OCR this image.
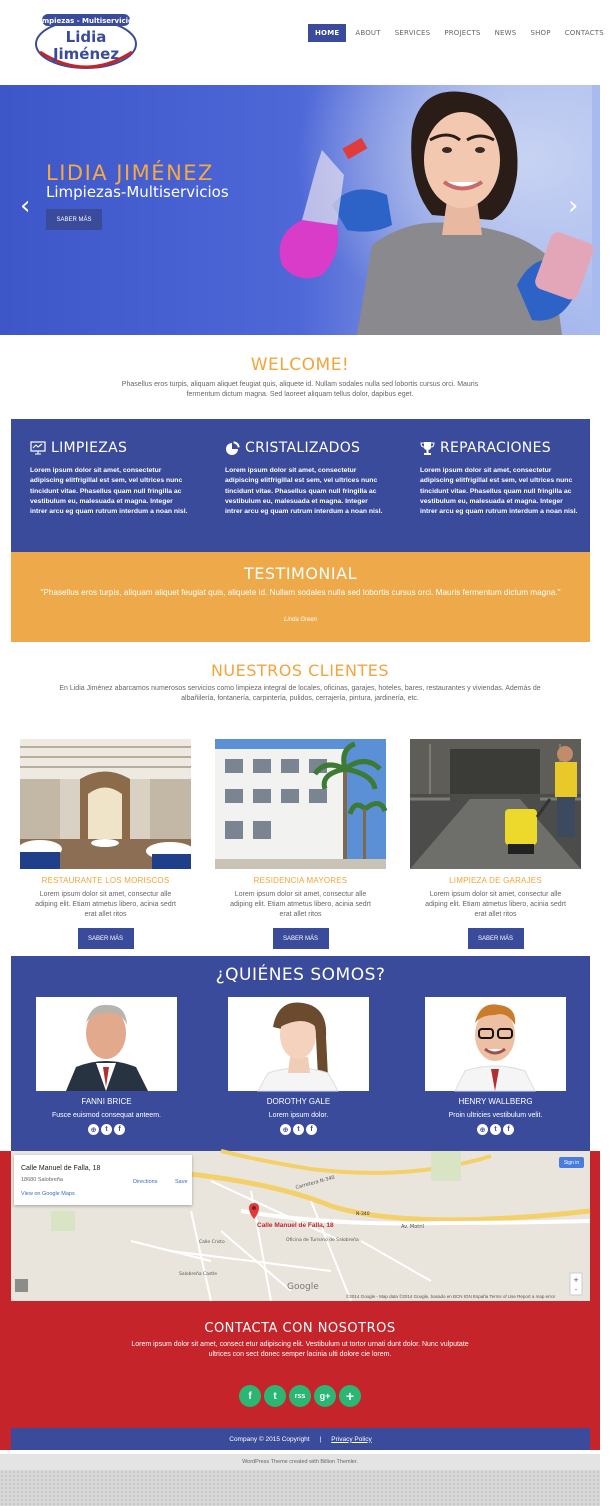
Limpiezas - Multiservicios
Lidia
Jiménez
HOME	ABOUT	SERVICES	PROJECTS	NEWS	SHOP	CONTACTS
LIDIA JIMÉNEZ
Limpiezas-Multiservicios
SABER MÁS
‹	›
WELCOME!
Phasellus eros turpis, aliquam aliquet feugiat quis, aliquete id. Nullam sodales nulla sed lobortis cursus orci. Mauris fermentum dictum magna. Sed laoreet aliquam tellus dolor, dapibus eget.
LIMPIEZAS
Lorem ipsum dolor sit amet, consectetur adipiscing elitfrigillal est sem, vel ultrices nunc tincidunt vitae. Phasellus quam null fringilla ac vestibulum eu, malesuada et magna. Integer intrer arcu eg quam rutrum interdum a noan nisl.
CRISTALIZADOS
Lorem ipsum dolor sit amet, consectetur adipiscing elitfrigillal est sem, vel ultrices nunc tincidunt vitae. Phasellus quam null fringilla ac vestibulum eu, malesuada et magna. Integer intrer arcu eg quam rutrum interdum a noan nisl.
REPARACIONES
Lorem ipsum dolor sit amet, consectetur adipiscing elitfrigillal est sem, vel ultrices nunc tincidunt vitae. Phasellus quam null fringilla ac vestibulum eu, malesuada et magna. Integer intrer arcu eg quam rutrum interdum a noan nisl.
TESTIMONIAL
"Phasellus eros turpis, aliquam aliquet feugiat quis, aliquete id. Nullam sodales nulla sed lobortis cursus orci. Mauris fermentum dictum magna."
Linda Green
NUESTROS CLIENTES
En Lidia Jiménez abarcamos numerosos servicios como limpieza integral de locales, oficinas, garajes, hoteles, bares, restaurantes y viviendas. Además de albañilería, fontanería, carpintería, pulidos, cerrajería, pintura, jardinería, etc.
RESTAURANTE LOS MORISCOS
Lorem ipsum dolor sit amet, consectur alle adiping elit. Etiam atmetus libero, acinia sedrt erat allet ritos
SABER MÁS
RESIDENCIA MAYORES
Lorem ipsum dolor sit amet, consectur alle adiping elit. Etiam atmetus libero, acinia sedrt erat allet ritos
SABER MÁS
LIMPIEZA DE GARAJES
Lorem ipsum dolor sit amet, consectur alle adiping elit. Etiam atmetus libero, acinia sedrt erat allet ritos
SABER MÁS
¿QUIÉNES SOMOS?
FANNI BRICE
Fusce euismod consequat anteem.
⊕	t	f
DOROTHY GALE
Lorem ipsum dolor.
⊕	t	f
HENRY WALLBERG
Proin ultricies vestibulum velit.
⊕	t	f
+
-
Carretera N-340
N-340
Av. Motril
Calle Cristo	Oficina de Turismo de Salobreña
Salobreña Castle
Google
Calle Manuel de Falla, 18
18680 Salobreña
View on Google Maps
Directions	Save
Sign in
Calle Manuel de Falla, 18
©2014 Google - Map data ©2014 Google, basado en BCN IGN España Terms of Use Report a map error
CONTACTA CON NOSOTROS
Lorem ipsum dolor sit amet, consect etur adipiscing elit. Vestibulum ut tortor urnati dunt dolor. Nunc vulputate ultrices con sect donec semper lacinia ulti dolore cie lorem.
f	t	rss	g+	+
Company © 2015 Copyright | Privacy Policy
WordPress Theme created with Billion Themler.
